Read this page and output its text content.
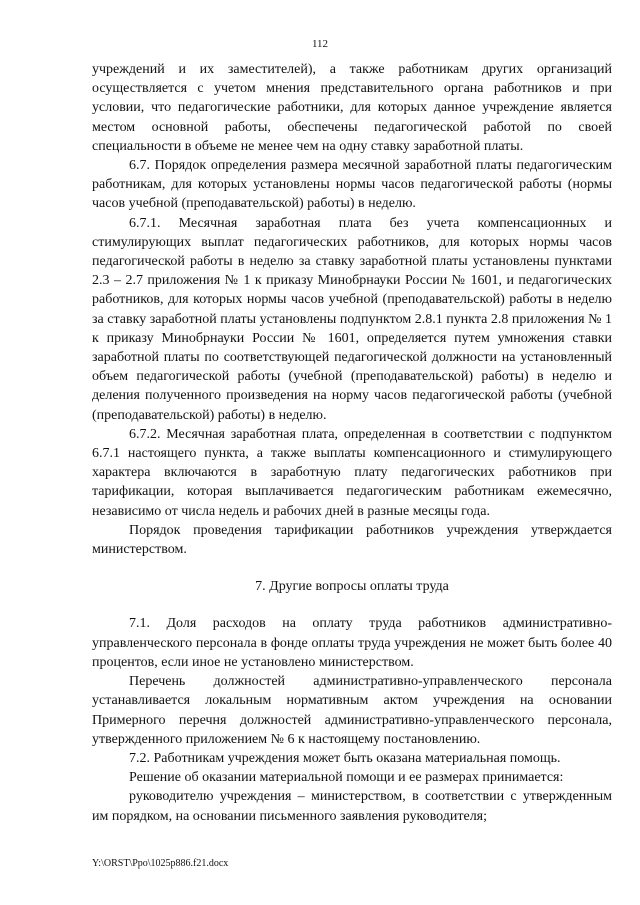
112

учреждений и их заместителей), а также работникам других организаций осуществляется с учетом мнения представительного органа работников и при условии, что педагогические работники, для которых данное учреждение является местом основной работы, обеспечены педагогической работой по своей специальности в объеме не менее чем на одну ставку заработной платы.

6.7. Порядок определения размера месячной заработной платы педагогическим работникам, для которых установлены нормы часов педагогической работы (нормы часов учебной (преподавательской) работы) в неделю.

6.7.1. Месячная заработная плата без учета компенсационных и стимулирующих выплат педагогических работников, для которых нормы часов педагогической работы в неделю за ставку заработной платы установлены пунктами 2.3 – 2.7 приложения № 1 к приказу Минобрнауки России № 1601, и педагогических работников, для которых нормы часов учебной (преподавательской) работы в неделю за ставку заработной платы установлены подпунктом 2.8.1 пункта 2.8 приложения № 1 к приказу Минобрнауки России № 1601, определяется путем умножения ставки заработной платы по соответствующей педагогической должности на установленный объем педагогической работы (учебной (преподавательской) работы) в неделю и деления полученного произведения на норму часов педагогической работы (учебной (преподавательской) работы) в неделю.

6.7.2. Месячная заработная плата, определенная в соответствии с подпунктом 6.7.1 настоящего пункта, а также выплаты компенсационного и стимулирующего характера включаются в заработную плату педагогических работников при тарификации, которая выплачивается педагогическим работникам ежемесячно, независимо от числа недель и рабочих дней в разные месяцы года.

Порядок проведения тарификации работников учреждения утверждается министерством.

7. Другие вопросы оплаты труда

7.1. Доля расходов на оплату труда работников административно-управленческого персонала в фонде оплаты труда учреждения не может быть более 40 процентов, если иное не установлено министерством.

Перечень должностей административно-управленческого персонала устанавливается локальным нормативным актом учреждения на основании Примерного перечня должностей административно-управленческого персонала, утвержденного приложением № 6 к настоящему постановлению.

7.2. Работникам учреждения может быть оказана материальная помощь.

Решение об оказании материальной помощи и ее размерах принимается:

руководителю учреждения – министерством, в соответствии с утвержденным им порядком, на основании письменного заявления руководителя;

Y:\ORST\Ppo\1025p886.f21.docx
